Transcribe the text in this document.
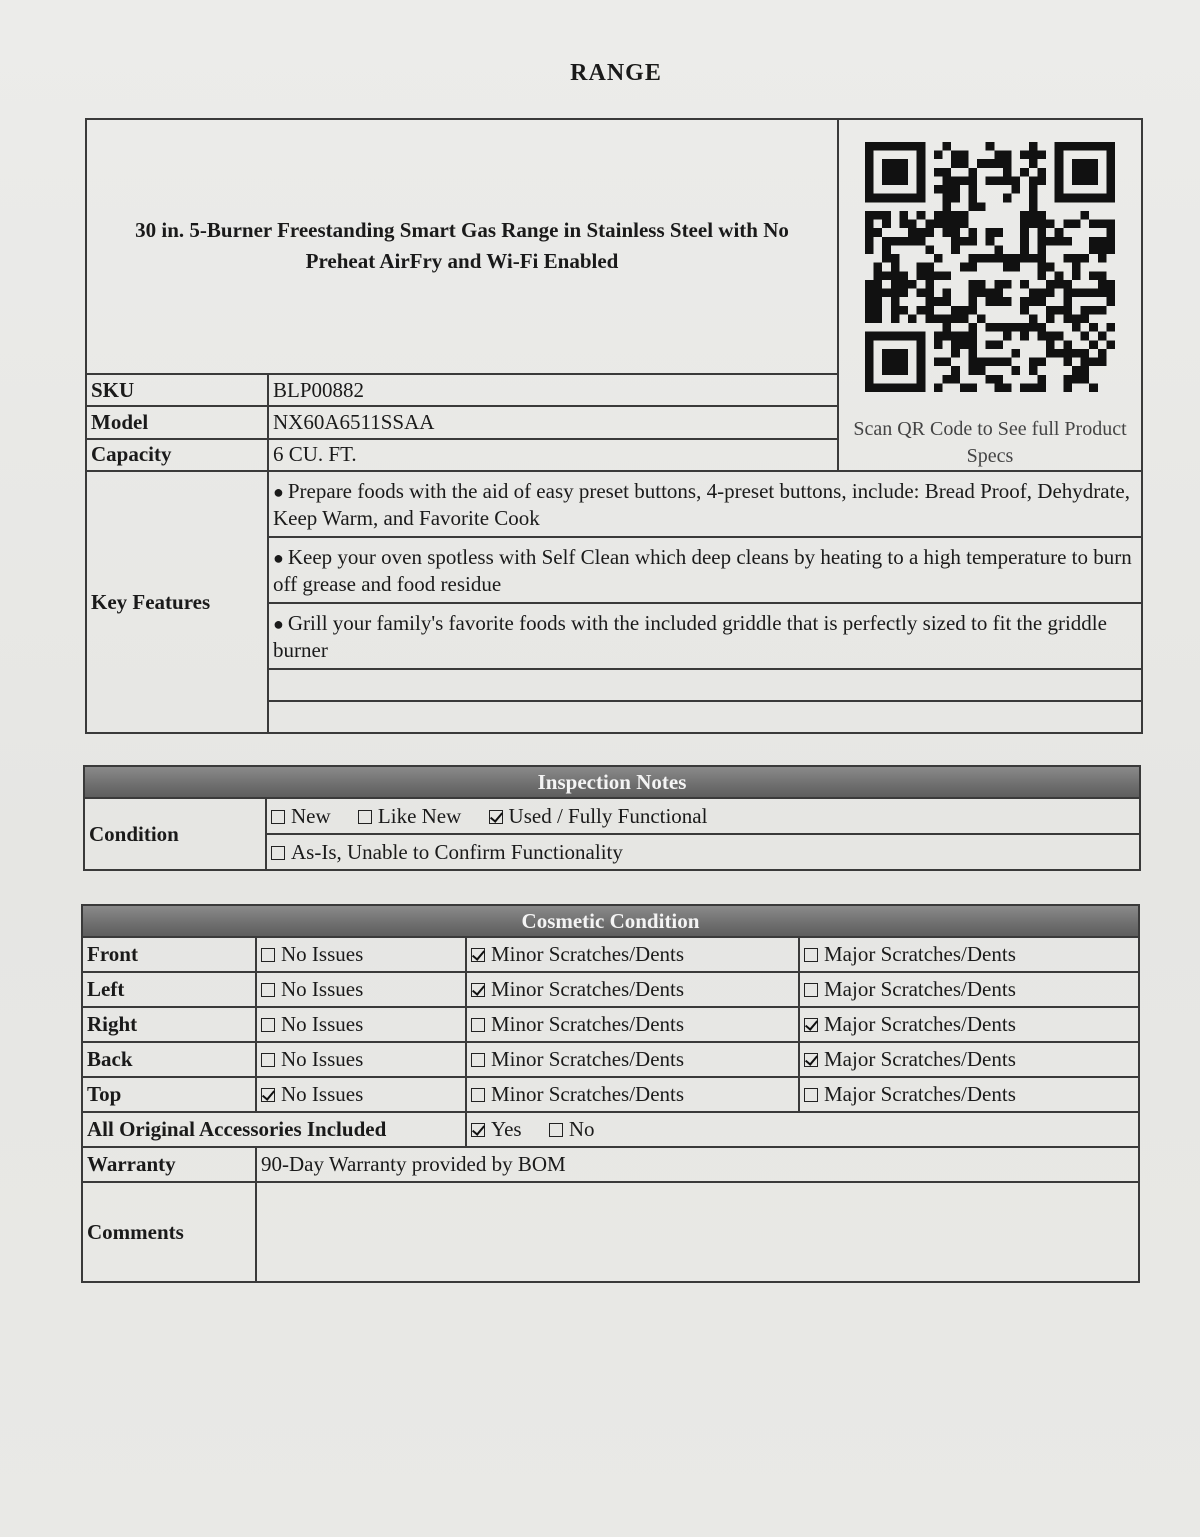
RANGE
30 in. 5-Burner Freestanding Smart Gas Range in Stainless Steel with No Preheat AirFry and Wi-Fi Enabled		Scan QR Code to See full Product Specs

SKU	BLP00882	
Model	NX60A6511SSAA	
Capacity	6 CU. FT.	
Key Features	● Prepare foods with the aid of easy preset buttons, 4-preset buttons, include: Bread Proof, Dehydrate, Keep Warm, and Favorite Cook	
	● Keep your oven spotless with Self Clean which deep cleans by heating to a high temperature to burn off grease and food residue	
	● Grill your family's favorite foods with the included griddle that is perfectly sized to fit the griddle burner	

Inspection Notes
Condition	New Like New Used / Fully Functional
As-Is, Unable to Confirm Functionality
Cosmetic Condition			
Front	No Issues	Minor Scratches/Dents	Major Scratches/Dents
Left	No Issues	Minor Scratches/Dents	Major Scratches/Dents
Right	No Issues	Minor Scratches/Dents	Major Scratches/Dents
Back	No Issues	Minor Scratches/Dents	Major Scratches/Dents
Top	No Issues	Minor Scratches/Dents	Major Scratches/Dents
All Original Accessories Included		Yes No	
Warranty	90-Day Warranty provided by BOM		
Comments			
